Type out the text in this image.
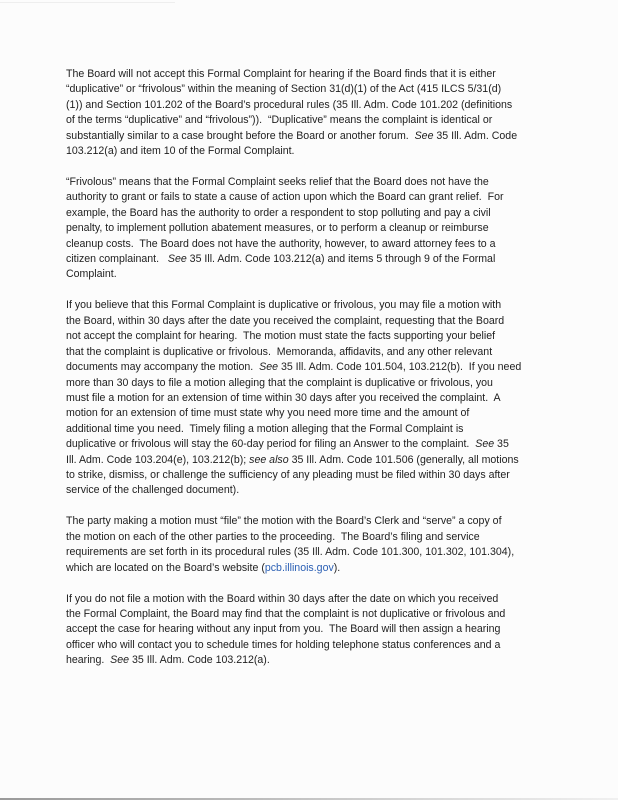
The Board will not accept this Formal Complaint for hearing if the Board finds that it is either
“duplicative” or “frivolous” within the meaning of Section 31(d)(1) of the Act (415 ILCS 5/31(d)
(1)) and Section 101.202 of the Board’s procedural rules (35 Ill. Adm. Code 101.202 (definitions
of the terms “duplicative” and “frivolous”)).  “Duplicative” means the complaint is identical or
substantially similar to a case brought before the Board or another forum.  See 35 Ill. Adm. Code
103.212(a) and item 10 of the Formal Complaint.

“Frivolous” means that the Formal Complaint seeks relief that the Board does not have the
authority to grant or fails to state a cause of action upon which the Board can grant relief.  For
example, the Board has the authority to order a respondent to stop polluting and pay a civil
penalty, to implement pollution abatement measures, or to perform a cleanup or reimburse
cleanup costs.  The Board does not have the authority, however, to award attorney fees to a
citizen complainant.   See 35 Ill. Adm. Code 103.212(a) and items 5 through 9 of the Formal
Complaint.

If you believe that this Formal Complaint is duplicative or frivolous, you may file a motion with
the Board, within 30 days after the date you received the complaint, requesting that the Board
not accept the complaint for hearing.  The motion must state the facts supporting your belief
that the complaint is duplicative or frivolous.  Memoranda, affidavits, and any other relevant
documents may accompany the motion.  See 35 Ill. Adm. Code 101.504, 103.212(b).  If you need
more than 30 days to file a motion alleging that the complaint is duplicative or frivolous, you
must file a motion for an extension of time within 30 days after you received the complaint.  A
motion for an extension of time must state why you need more time and the amount of
additional time you need.  Timely filing a motion alleging that the Formal Complaint is
duplicative or frivolous will stay the 60-day period for filing an Answer to the complaint.  See 35
Ill. Adm. Code 103.204(e), 103.212(b); see also 35 Ill. Adm. Code 101.506 (generally, all motions
to strike, dismiss, or challenge the sufficiency of any pleading must be filed within 30 days after
service of the challenged document).

The party making a motion must “file” the motion with the Board’s Clerk and “serve” a copy of
the motion on each of the other parties to the proceeding.  The Board’s filing and service
requirements are set forth in its procedural rules (35 Ill. Adm. Code 101.300, 101.302, 101.304),
which are located on the Board’s website (pcb.illinois.gov).

If you do not file a motion with the Board within 30 days after the date on which you received
the Formal Complaint, the Board may find that the complaint is not duplicative or frivolous and
accept the case for hearing without any input from you.  The Board will then assign a hearing
officer who will contact you to schedule times for holding telephone status conferences and a
hearing.  See 35 Ill. Adm. Code 103.212(a).
